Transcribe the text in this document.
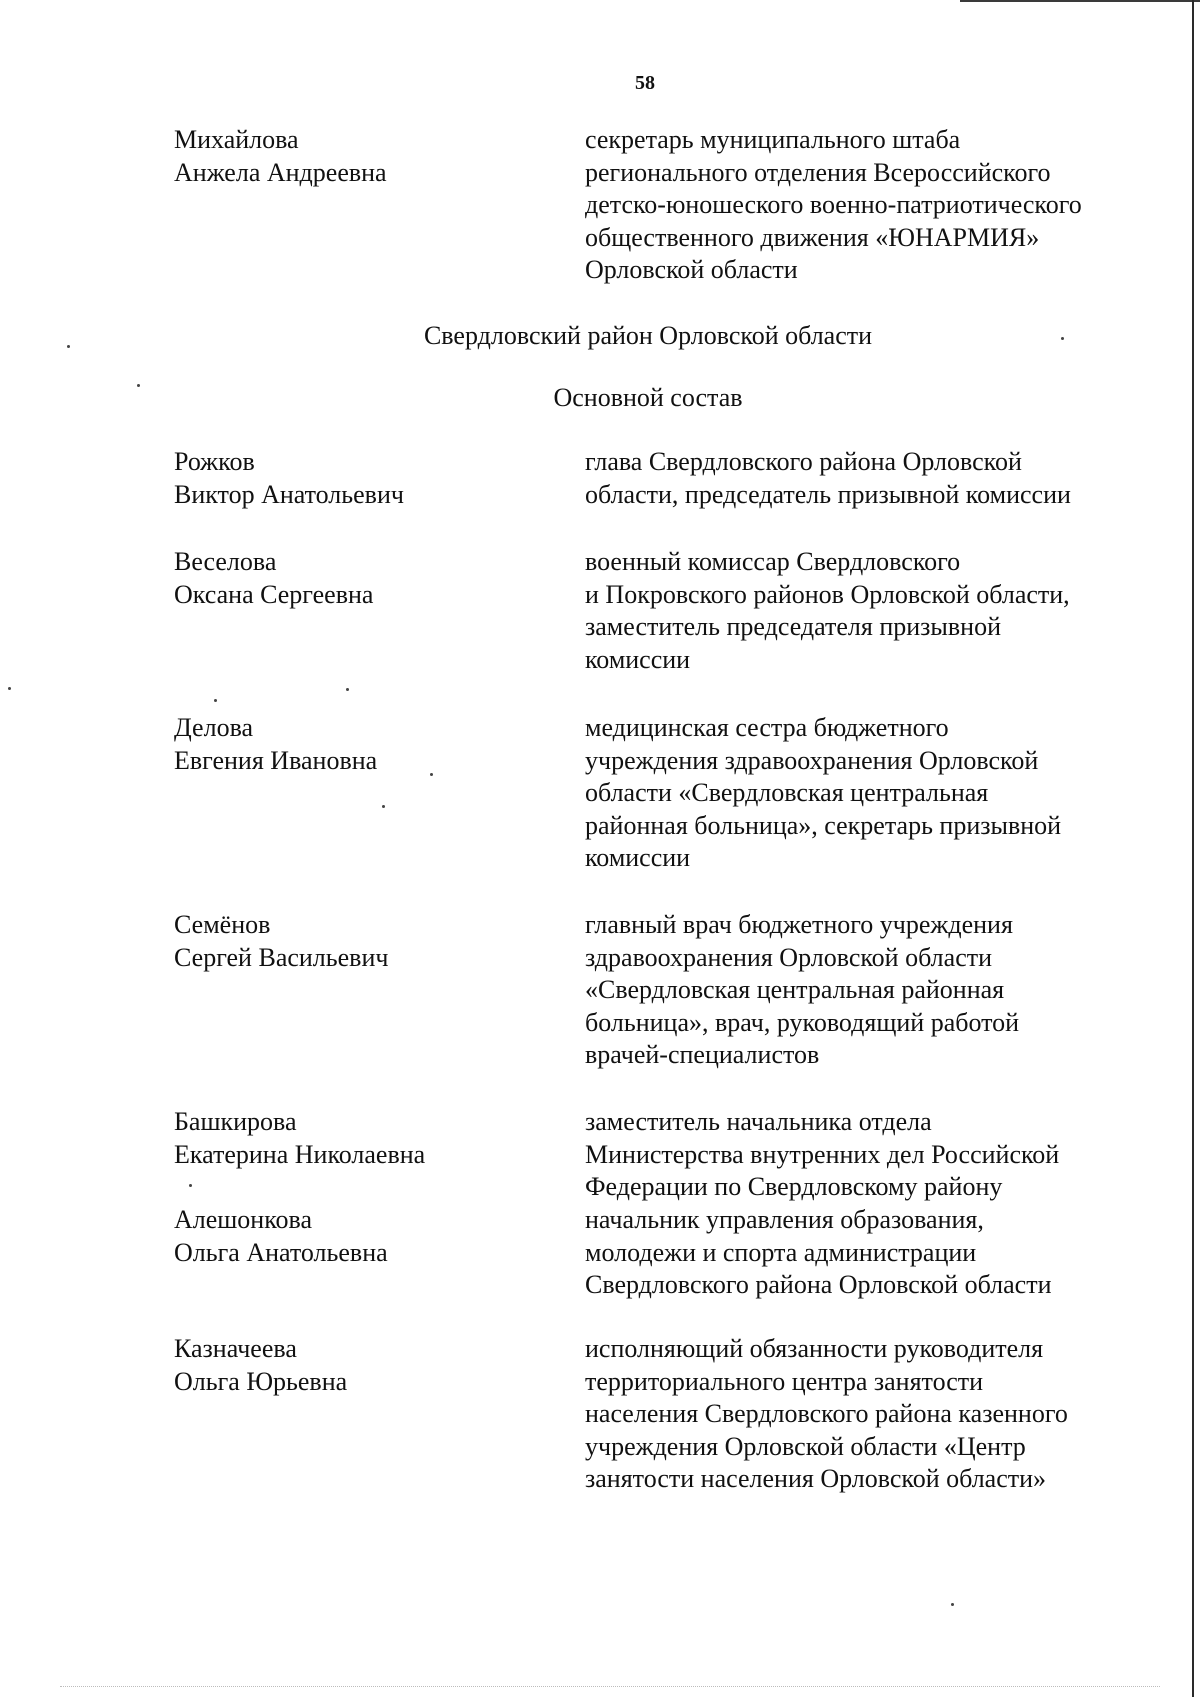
58
Михайлова
Анжела Андреевна
секретарь муниципального штаба
регионального отделения Всероссийского
детско-юношеского военно-патриотического
общественного движения «ЮНАРМИЯ»
Орловской области
Свердловский район Орловской области
Основной состав
Рожков
Виктор Анатольевич
глава Свердловского района Орловской
области, председатель призывной комиссии
Веселова
Оксана Сергеевна
военный комиссар Свердловского
и Покровского районов Орловской области,
заместитель председателя призывной
комиссии
Делова
Евгения Ивановна
медицинская сестра бюджетного
учреждения здравоохранения Орловской
области «Свердловская центральная
районная больница», секретарь призывной
комиссии
Семёнов
Сергей Васильевич
главный врач бюджетного учреждения
здравоохранения Орловской области
«Свердловская центральная районная
больница», врач, руководящий работой
врачей-специалистов
Башкирова
Екатерина Николаевна
заместитель начальника отдела
Министерства внутренних дел Российской
Федерации по Свердловскому району
Алешонкова
Ольга Анатольевна
начальник управления образования,
молодежи и спорта администрации
Свердловского района Орловской области
Казначеева
Ольга Юрьевна
исполняющий обязанности руководителя
территориального центра занятости
населения Свердловского района казенного
учреждения Орловской области «Центр
занятости населения Орловской области»
